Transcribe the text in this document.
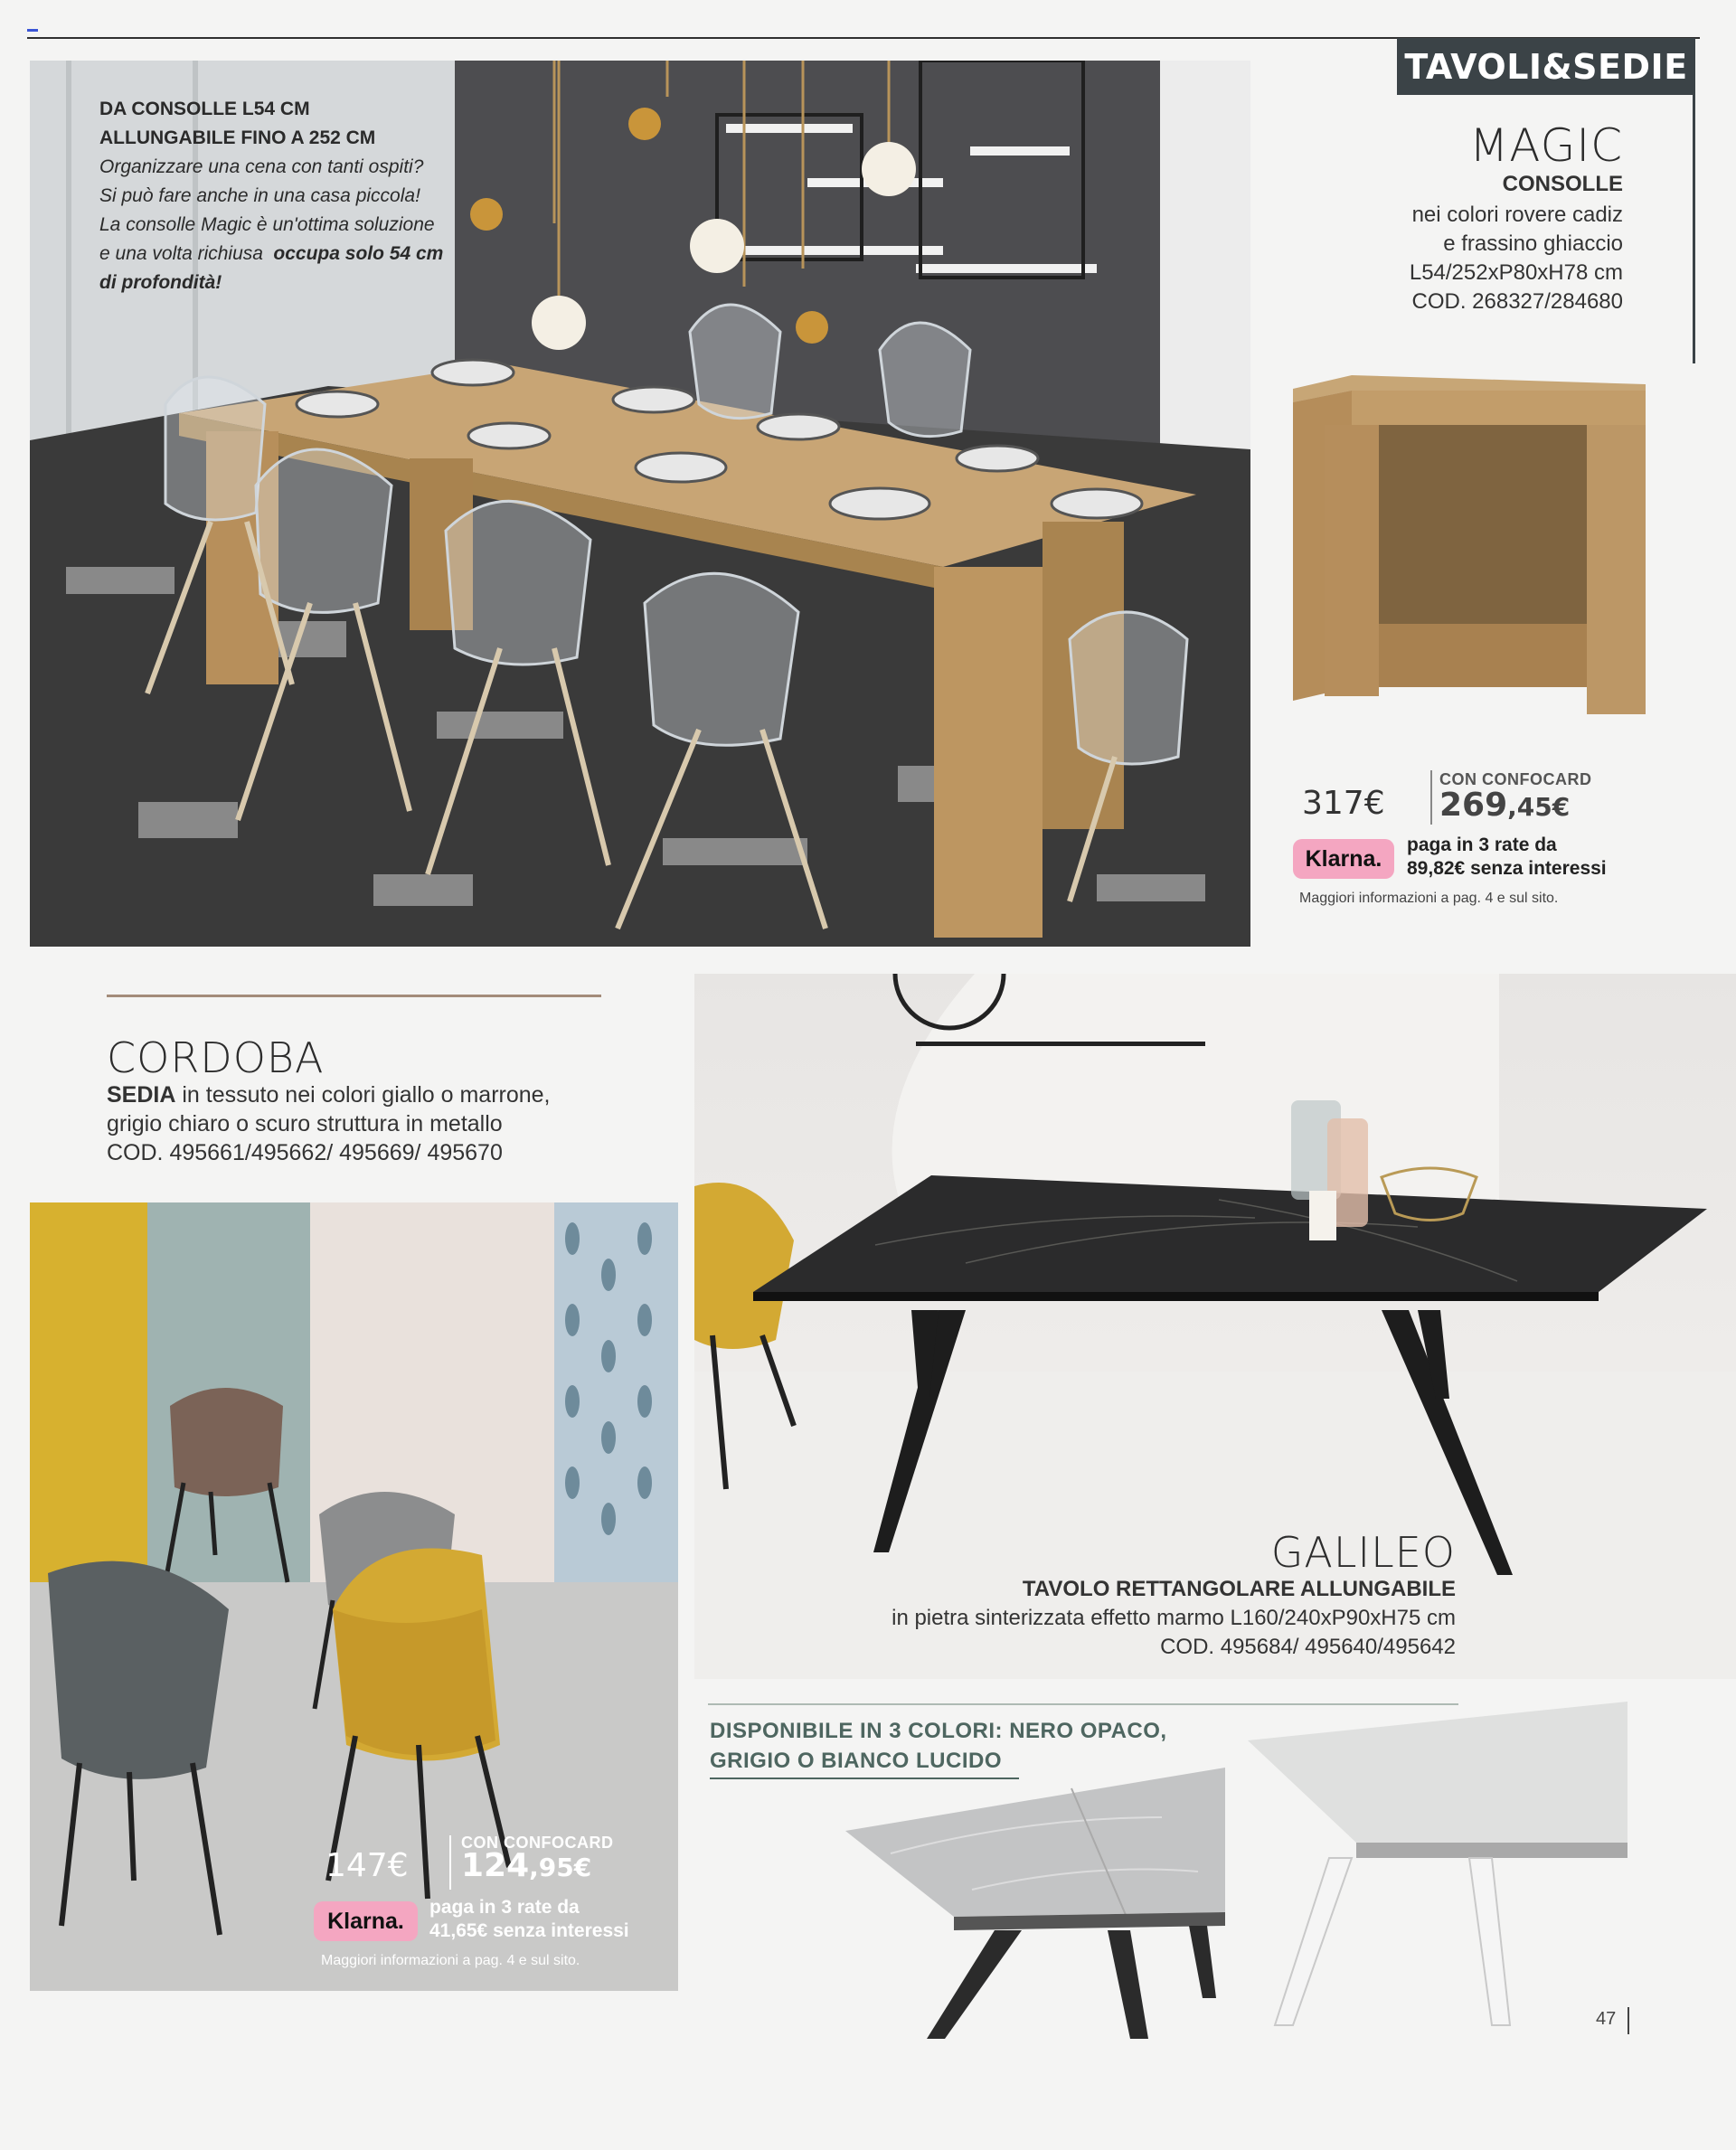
TAVOLI&SEDIE
DA CONSOLLE L54 CM
ALLUNGABILE FINO A 252 CM
Organizzare una cena con tanti ospiti?
Si può fare anche in una casa piccola!
La consolle Magic è un'ottima soluzione
e una volta richiusa occupa solo 54 cm
di profondità!
MAGIC
CONSOLLE
nei colori rovere cadiz
e frassino ghiaccio
L54/252xP80xH78 cm
COD. 268327/284680
317€
CON CONFOCARD
269,45€
Klarna.
paga in 3 rate da
89,82€ senza interessi
Maggiori informazioni a pag. 4 e sul sito.
CORDOBA
SEDIA in tessuto nei colori giallo o marrone,
grigio chiaro o scuro struttura in metallo
COD. 495661/495662/ 495669/ 495670
147€
CON CONFOCARD
124,95€
Klarna.
paga in 3 rate da
41,65€ senza interessi
Maggiori informazioni a pag. 4 e sul sito.
GALILEO
TAVOLO RETTANGOLARE ALLUNGABILE
in pietra sinterizzata effetto marmo L160/240xP90xH75 cm
COD. 495684/ 495640/495642
DISPONIBILE IN 3 COLORI: NERO OPACO,
GRIGIO O BIANCO LUCIDO
47
